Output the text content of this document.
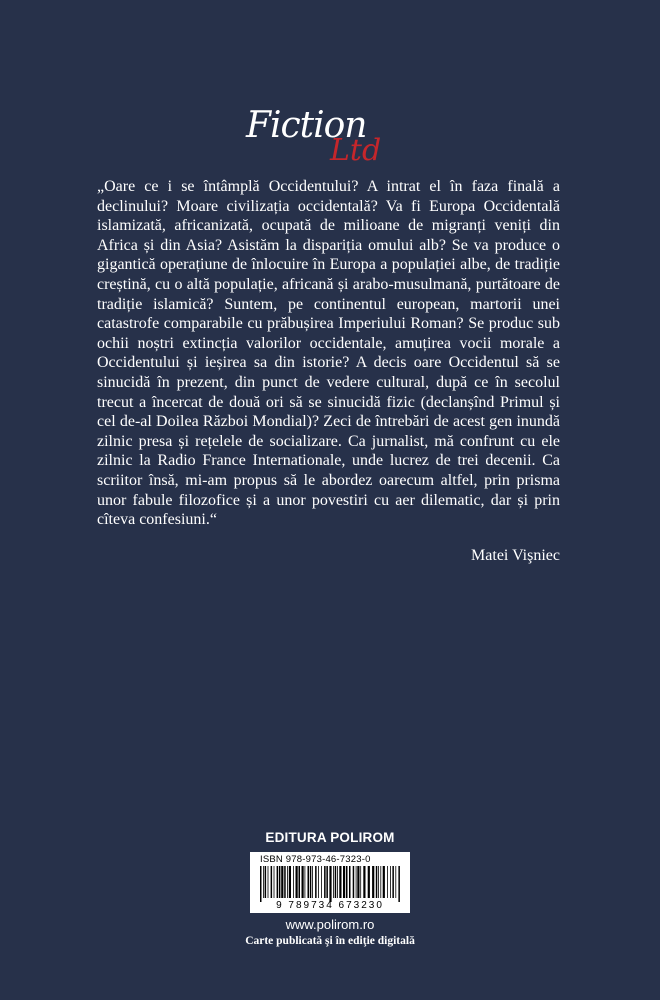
Fiction
Ltd

„Oare ce i se întâmplă Occidentului? A intrat el în faza finală a declinului? Moare civilizația occidentală? Va fi Europa Occidentală islamizată, africanizată, ocupată de milioane de migranți veniți din Africa și din Asia? Asistăm la dispariția omului alb? Se va produce o gigantică operațiune de înlocuire în Europa a populației albe, de tradiție creștină, cu o altă populație, africană și arabo-musulmană, purtătoare de tradiție islamică? Suntem, pe continentul european, martorii unei catastrofe comparabile cu prăbușirea Imperiului Roman? Se produc sub ochii noștri extincția valorilor occidentale, amuțirea vocii morale a Occidentului și ieșirea sa din istorie? A decis oare Occidentul să se sinucidă în prezent, din punct de vedere cultural, după ce în secolul trecut a încercat de două ori să se sinucidă fizic (declanșînd Primul și cel de-al Doilea Război Mondial)? Zeci de întrebări de acest gen inundă zilnic presa și rețelele de socializare. Ca jurnalist, mă confrunt cu ele zilnic la Radio France Internationale, unde lucrez de trei decenii. Ca scriitor însă, mi-am propus să le abordez oarecum altfel, prin prisma unor fabule filozofice și a unor povestiri cu aer dilematic, dar și prin cîteva confesiuni.“

Matei Vişniec
EDITURA POLIROM
ISBN 978-973-46-7323-0
9 789734 673230
www.polirom.ro
Carte publicată şi în ediţie digitală
